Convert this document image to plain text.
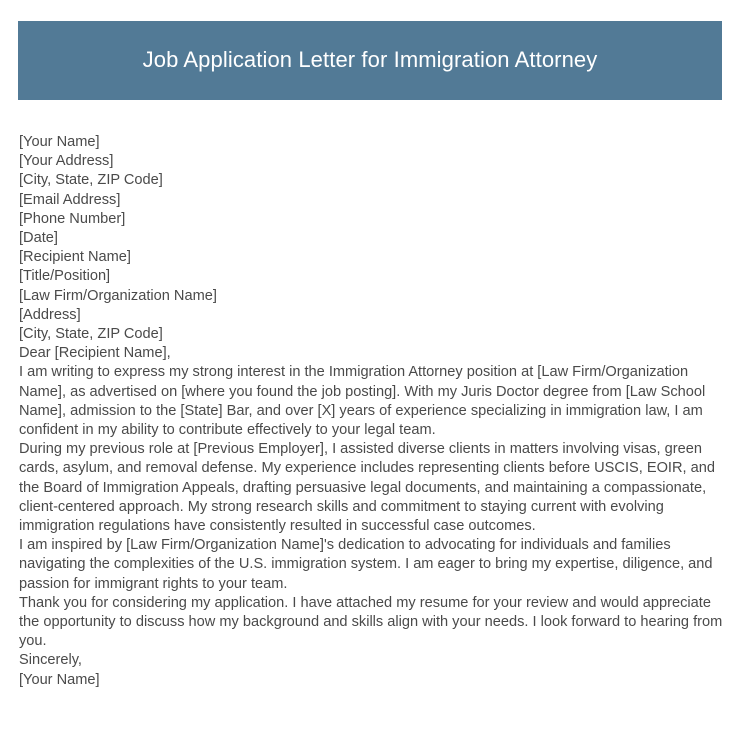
Job Application Letter for Immigration Attorney
[Your Name]
[Your Address]
[City, State, ZIP Code]
[Email Address]
[Phone Number]
[Date]
[Recipient Name]
[Title/Position]
[Law Firm/Organization Name]
[Address]
[City, State, ZIP Code]
Dear [Recipient Name],

I am writing to express my strong interest in the Immigration Attorney position at [Law Firm/Organization Name], as advertised on [where you found the job posting]. With my Juris Doctor degree from [Law School Name], admission to the [State] Bar, and over [X] years of experience specializing in immigration law, I am confident in my ability to contribute effectively to your legal team.

During my previous role at [Previous Employer], I assisted diverse clients in matters involving visas, green cards, asylum, and removal defense. My experience includes representing clients before USCIS, EOIR, and the Board of Immigration Appeals, drafting persuasive legal documents, and maintaining a compassionate, client-centered approach. My strong research skills and commitment to staying current with evolving immigration regulations have consistently resulted in successful case outcomes.

I am inspired by [Law Firm/Organization Name]'s dedication to advocating for individuals and families navigating the complexities of the U.S. immigration system. I am eager to bring my expertise, diligence, and passion for immigrant rights to your team.

Thank you for considering my application. I have attached my resume for your review and would appreciate the opportunity to discuss how my background and skills align with your needs. I look forward to hearing from you.

Sincerely,
[Your Name]
